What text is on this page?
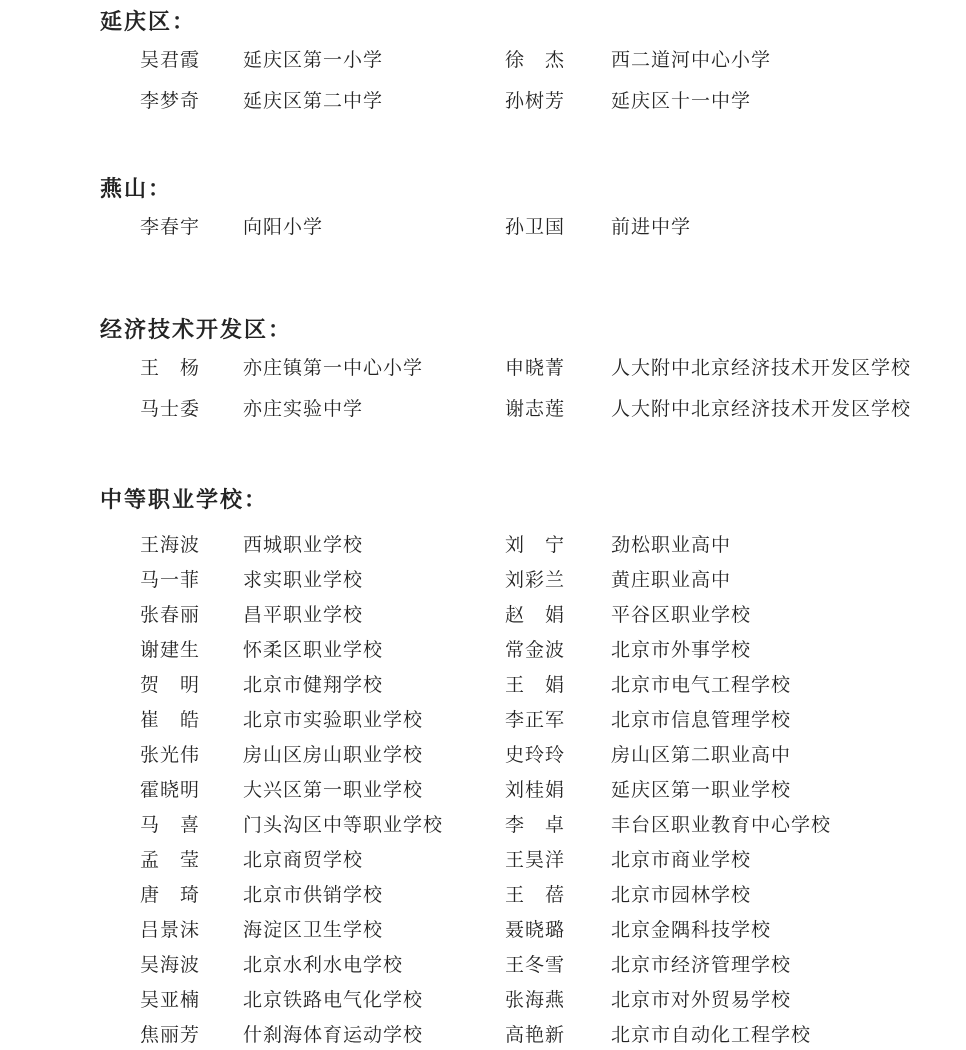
延庆区：
吴君霞 延庆区第一小学	徐杰 西二道河中心小学
李梦奇 延庆区第二中学	孙树芳 延庆区十一中学
燕山：
李春宇 向阳小学	孙卫国 前进中学
经济技术开发区：
王杨 亦庄镇第一中心小学	申晓菁 人大附中北京经济技术开发区学校
马士委 亦庄实验中学	谢志莲 人大附中北京经济技术开发区学校
中等职业学校：
王海波 西城职业学校	刘宁 劲松职业高中
马一菲 求实职业学校	刘彩兰 黄庄职业高中
张春丽 昌平职业学校	赵娟 平谷区职业学校
谢建生 怀柔区职业学校	常金波 北京市外事学校
贺明 北京市健翔学校	王娟 北京市电气工程学校
崔皓 北京市实验职业学校	李正军 北京市信息管理学校
张光伟 房山区房山职业学校	史玲玲 房山区第二职业高中
霍晓明 大兴区第一职业学校	刘桂娟 延庆区第一职业学校
马喜 门头沟区中等职业学校	李卓 丰台区职业教育中心学校
孟莹 北京商贸学校	王昊洋 北京市商业学校
唐琦 北京市供销学校	王蓓 北京市园林学校
吕景沫 海淀区卫生学校	聂晓璐 北京金隅科技学校
吴海波 北京水利水电学校	王冬雪 北京市经济管理学校
吴亚楠 北京铁路电气化学校	张海燕 北京市对外贸易学校
焦丽芳 什刹海体育运动学校	高艳新 北京市自动化工程学校
